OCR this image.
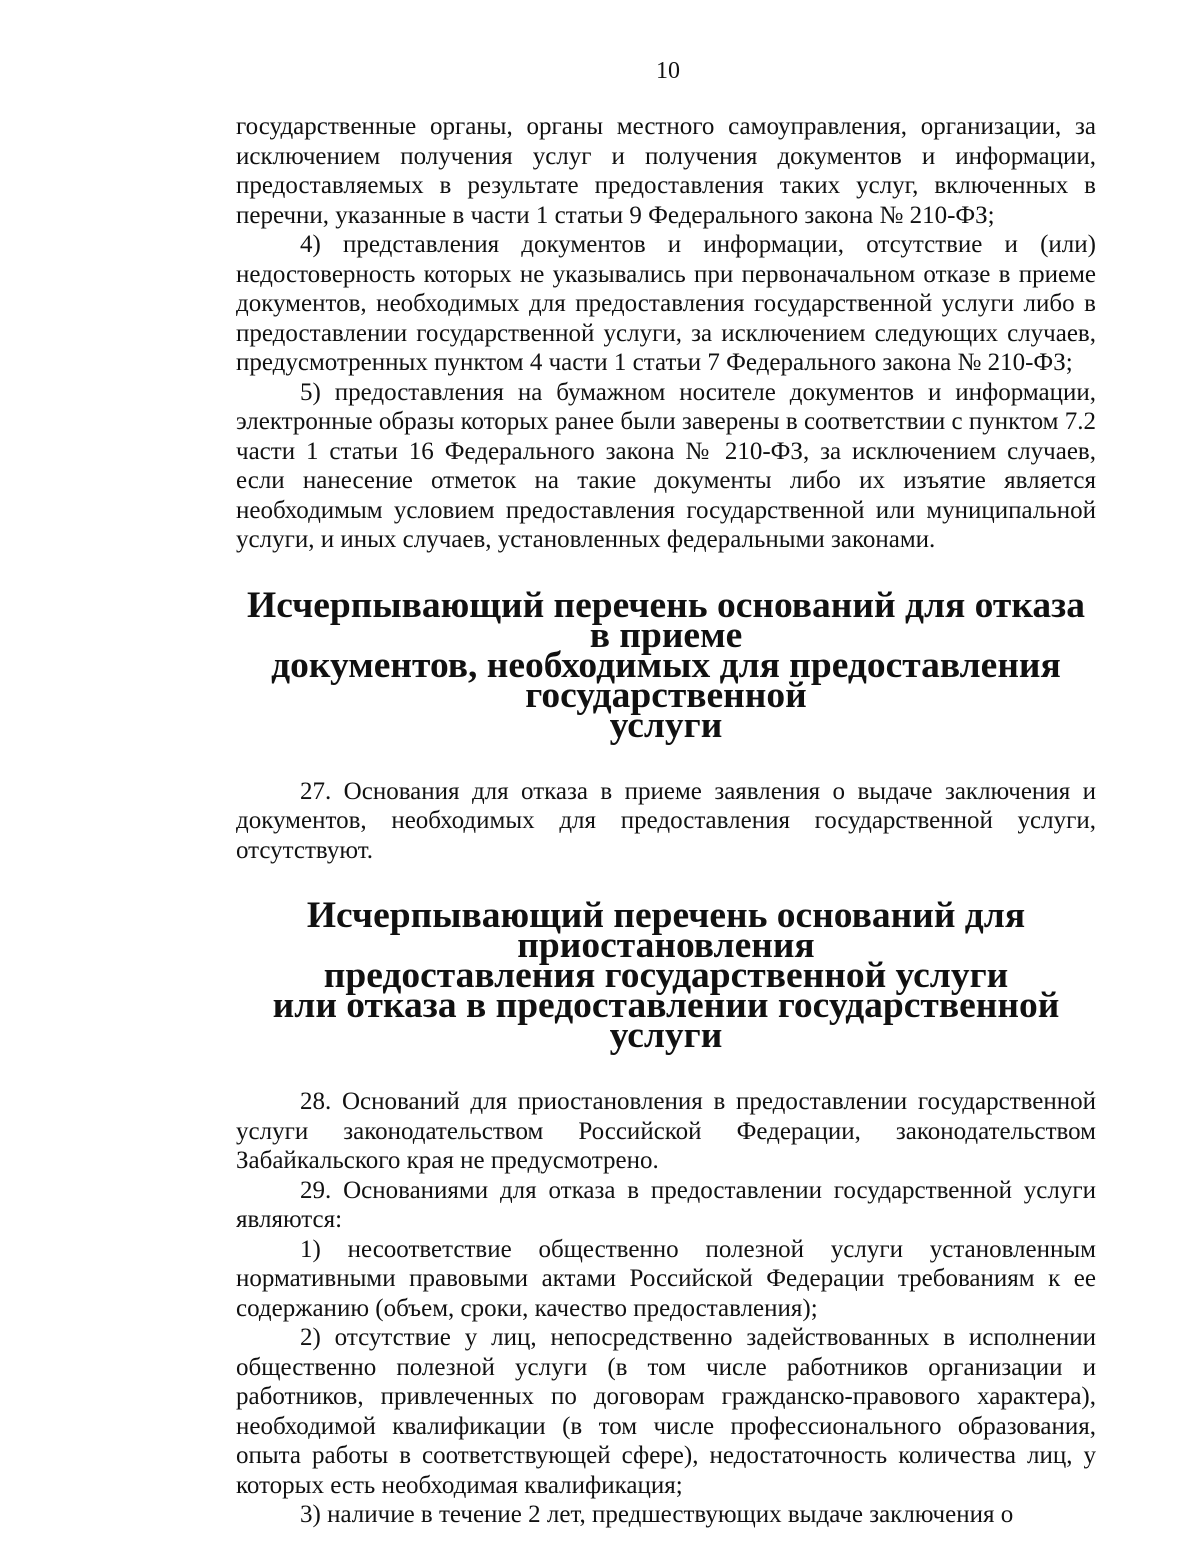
10

государственные органы, органы местного самоуправления, организации, за исключением получения услуг и получения документов и информации, предоставляемых в результате предоставления таких услуг, включенных в перечни, указанные в части 1 статьи 9 Федерального закона № 210-ФЗ;

4) представления документов и информации, отсутствие и (или) недостоверность которых не указывались при первоначальном отказе в приеме документов, необходимых для предоставления государственной услуги либо в предоставлении государственной услуги, за исключением следующих случаев, предусмотренных пунктом 4 части 1 статьи 7 Федерального закона № 210-ФЗ;

5) предоставления на бумажном носителе документов и информации, электронные образы которых ранее были заверены в соответствии с пунктом 7.2 части 1 статьи 16 Федерального закона № 210-ФЗ, за исключением случаев, если нанесение отметок на такие документы либо их изъятие является необходимым условием предоставления государственной или муниципальной услуги, и иных случаев, установленных федеральными законами.

Исчерпывающий перечень оснований для отказа в приеме
документов, необходимых для предоставления государственной
услуги

27. Основания для отказа в приеме заявления о выдаче заключения и документов, необходимых для предоставления государственной услуги, отсутствуют.

Исчерпывающий перечень оснований для приостановления
предоставления государственной услуги
или отказа в предоставлении государственной услуги

28. Оснований для приостановления в предоставлении государственной услуги законодательством Российской Федерации, законодательством Забайкальского края не предусмотрено.

29. Основаниями для отказа в предоставлении государственной услуги являются:

1) несоответствие общественно полезной услуги установленным нормативными правовыми актами Российской Федерации требованиям к ее содержанию (объем, сроки, качество предоставления);

2) отсутствие у лиц, непосредственно задействованных в исполнении общественно полезной услуги (в том числе работников организации и работников, привлеченных по договорам гражданско-правового характера), необходимой квалификации (в том числе профессионального образования, опыта работы в соответствующей сфере), недостаточность количества лиц, у которых есть необходимая квалификация;

3) наличие в течение 2 лет, предшествующих выдаче заключения о
